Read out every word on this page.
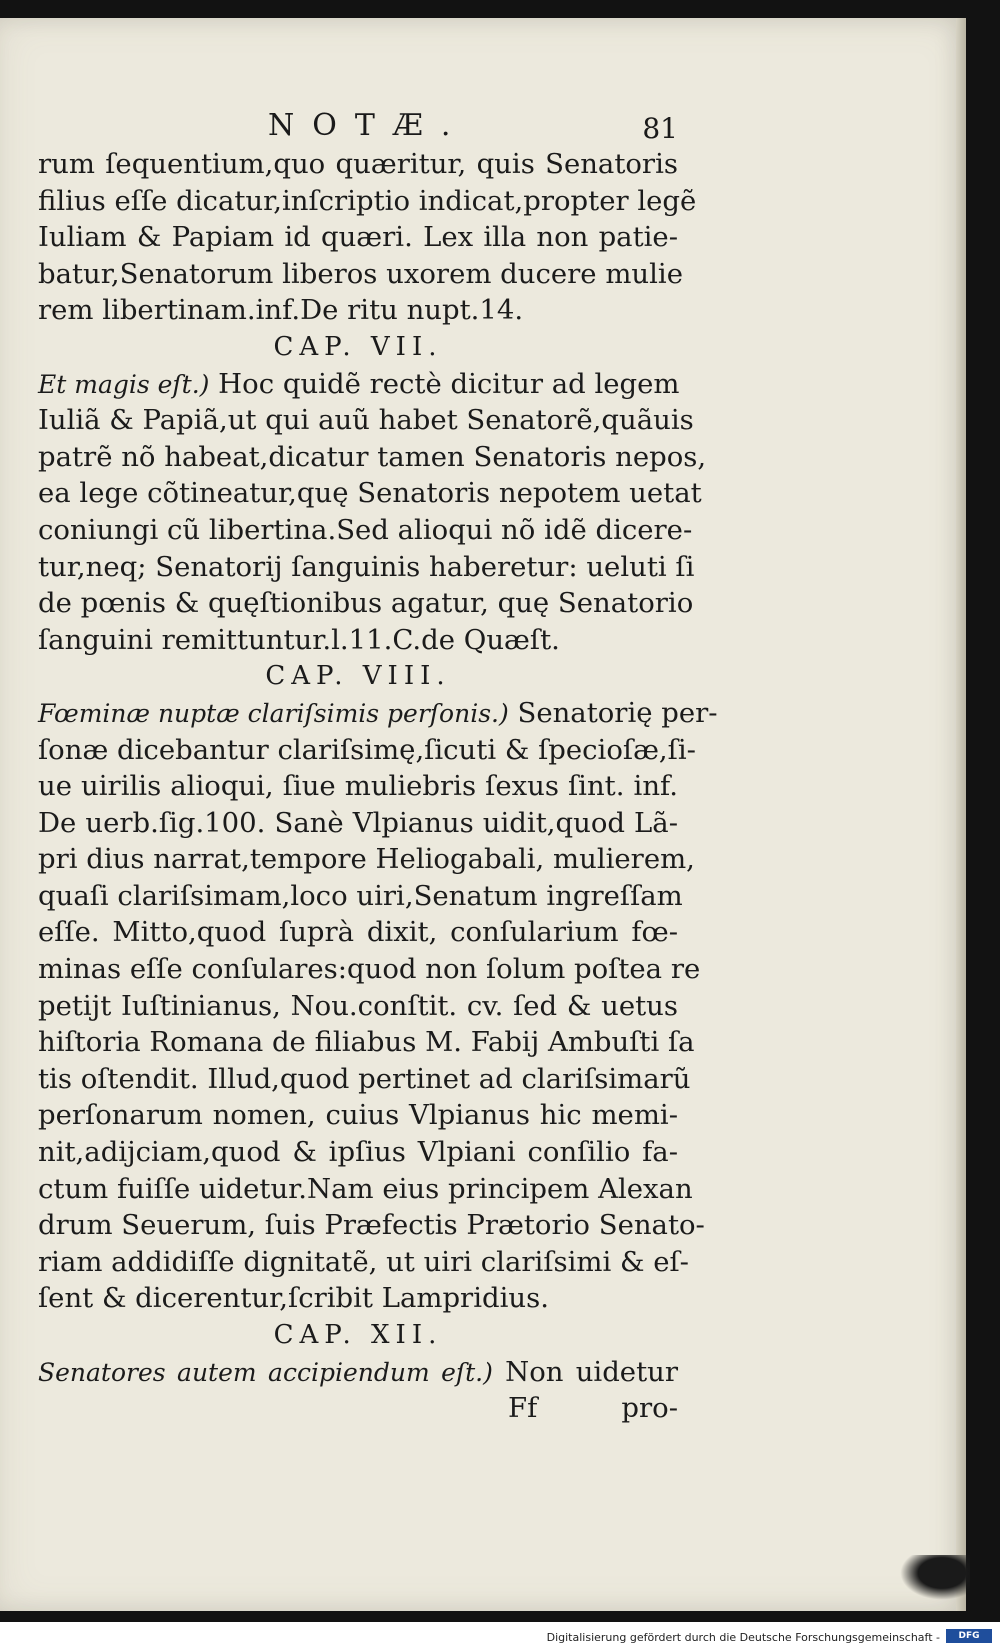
NOTÆ.	81
rum ſequentium,quo quæritur, quis Senatoris
filius eſſe dicatur,inſcriptio indicat,propter legẽ
Iuliam & Papiam id quæri. Lex illa non patie-
batur,Senatorum liberos uxorem ducere mulie
rem libertinam.inf.De ritu nupt.14.
CAP. VII.
Et magis eſt.) Hoc quidẽ rectè dicitur ad legem
Iuliã & Papiã,ut qui auũ habet Senatorẽ,quãuis
patrẽ nõ habeat,dicatur tamen Senatoris nepos,
ea lege cõtineatur,quę Senatoris nepotem uetat
coniungi cũ libertina.Sed alioqui nõ idẽ dicere-
tur,neq; Senatorij ſanguinis haberetur: ueluti ſi
de pœnis & quęſtionibus agatur, quę Senatorio
ſanguini remittuntur.l.11.C.de Quæſt.
CAP. VIII.
Fœminæ nuptæ clariſsimis perſonis.) Senatorię per-
ſonæ dicebantur clariſsimę,ſicuti & ſpecioſæ,ſi-
ue uirilis alioqui, ſiue muliebris ſexus ſint. inf.
De uerb.ſig.100. Sanè Vlpianus uidit,quod Lã-
pri dius narrat,tempore Heliogabali, mulierem,
quaſi clariſsimam,loco uiri,Senatum ingreſſam
eſſe. Mitto,quod ſuprà dixit, conſularium fœ-
minas eſſe conſulares:quod non ſolum poſtea re
petijt Iuſtinianus, Nou.conſtit. cv. ſed & uetus
hiſtoria Romana de filiabus M. Fabij Ambuſti ſa
tis oſtendit. Illud,quod pertinet ad clariſsimarũ
perſonarum nomen, cuius Vlpianus hic memi-
nit,adijciam,quod & ipſius Vlpiani conſilio fa-
ctum fuiſſe uidetur.Nam eius principem Alexan
drum Seuerum, ſuis Præfectis Prætorio Senato-
riam addidiſſe dignitatẽ, ut uiri clariſsimi & eſ-
ſent & dicerentur,ſcribit Lampridius.
CAP. XII.
Senatores autem accipiendum eſt.) Non uidetur
Ff	pro-
Digitalisierung gefördert durch die Deutsche Forschungsgemeinschaft -	DFG
